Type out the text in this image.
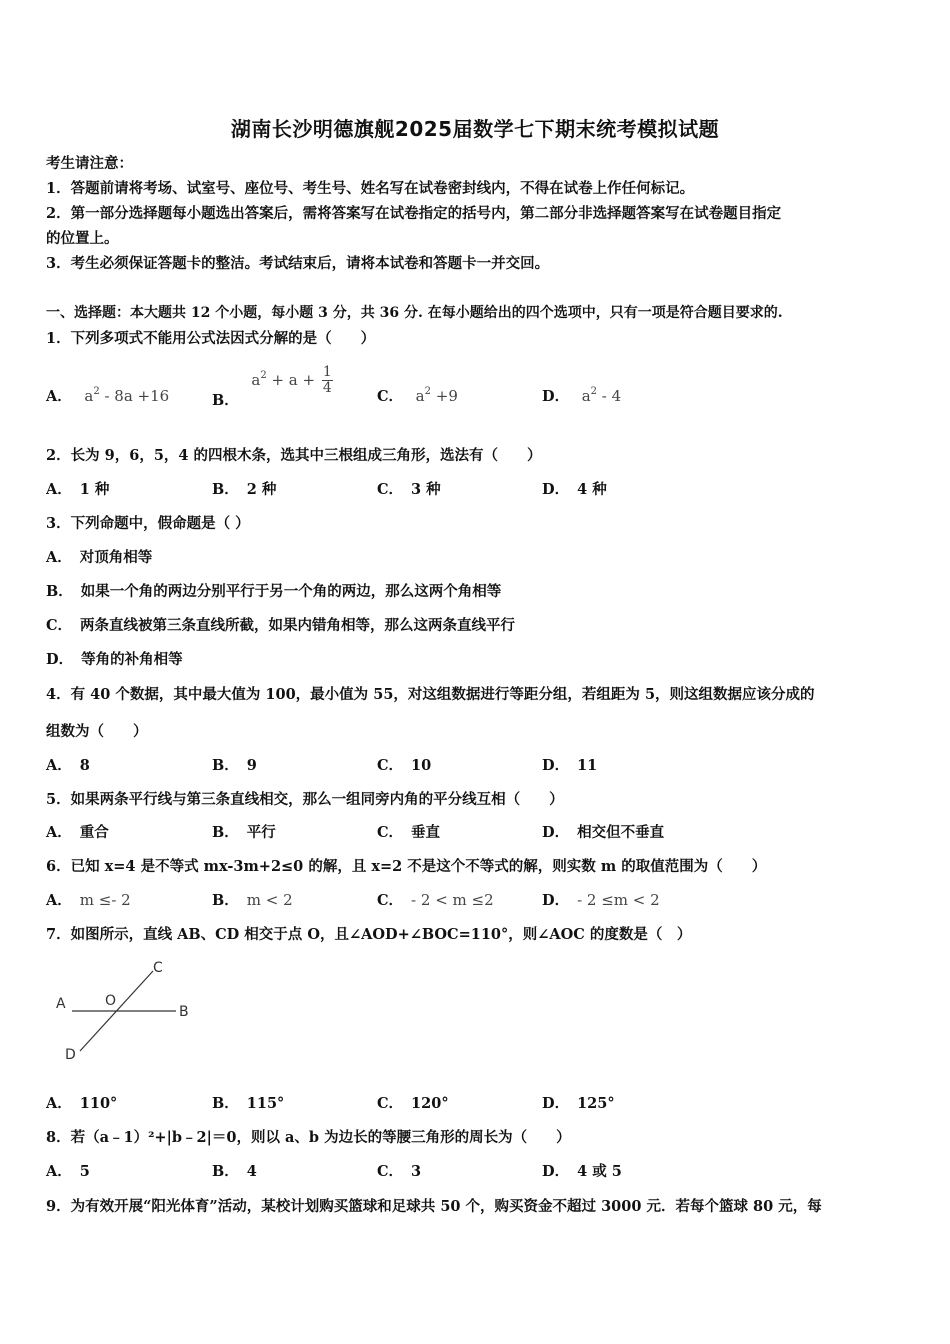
湖南长沙明德旗舰2025届数学七下期末统考模拟试题
考生请注意：
1．答题前请将考场、试室号、座位号、考生号、姓名写在试卷密封线内，不得在试卷上作任何标记。
2．第一部分选择题每小题选出答案后，需将答案写在试卷指定的括号内，第二部分非选择题答案写在试卷题目指定
的位置上。
3．考生必须保证答题卡的整洁。考试结束后，请将本试卷和答题卡一并交回。
一、选择题：本大题共 12 个小题，每小题 3 分，共 36 分. 在每小题给出的四个选项中，只有一项是符合题目要求的.
1．下列多项式不能用公式法因式分解的是（　　）
A． $a^2 - 8a +16$	B． $a^2 + a + \frac{1}{4}$
C． $a^2 +9$	D． $a^2 - 4$
2．长为 9，6，5，4 的四根木条，选其中三根组成三角形，选法有（　　）
A． 1 种	B． 2 种	C． 3 种	D． 4 种
3．下列命题中，假命题是（ ）
A． 对顶角相等
B． 如果一个角的两边分别平行于另一个角的两边，那么这两个角相等
C． 两条直线被第三条直线所截，如果内错角相等，那么这两条直线平行
D． 等角的补角相等
4．有 40 个数据，其中最大值为 100，最小值为 55，对这组数据进行等距分组，若组距为 5，则这组数据应该分成的
组数为（　　）
A． 8	B． 9	C． 10	D． 11
5．如果两条平行线与第三条直线相交，那么一组同旁内角的平分线互相（　　）
A． 重合	B． 平行	C． 垂直	D． 相交但不垂直
6．已知 x=4 是不等式 mx-3m+2≤0 的解，且 x=2 不是这个不等式的解，则实数 m 的取值范围为（　　）
A． m ≤- 2	B． m < 2	C． - 2 < m ≤2	D． - 2 ≤m < 2
7．如图所示，直线 AB、CD 相交于点 O，且∠AOD+∠BOC=110°，则∠AOC 的度数是（　）
A	O
B
C
D
A． 110°	B． 115°	C． 120°	D． 125°
8．若（a﹣1）²+|b﹣2|＝0，则以 a、b 为边长的等腰三角形的周长为（　　）
A． 5	B． 4	C． 3	D． 4 或 5
9．为有效开展“阳光体育”活动，某校计划购买篮球和足球共 50 个，购买资金不超过 3000 元．若每个篮球 80 元，每
